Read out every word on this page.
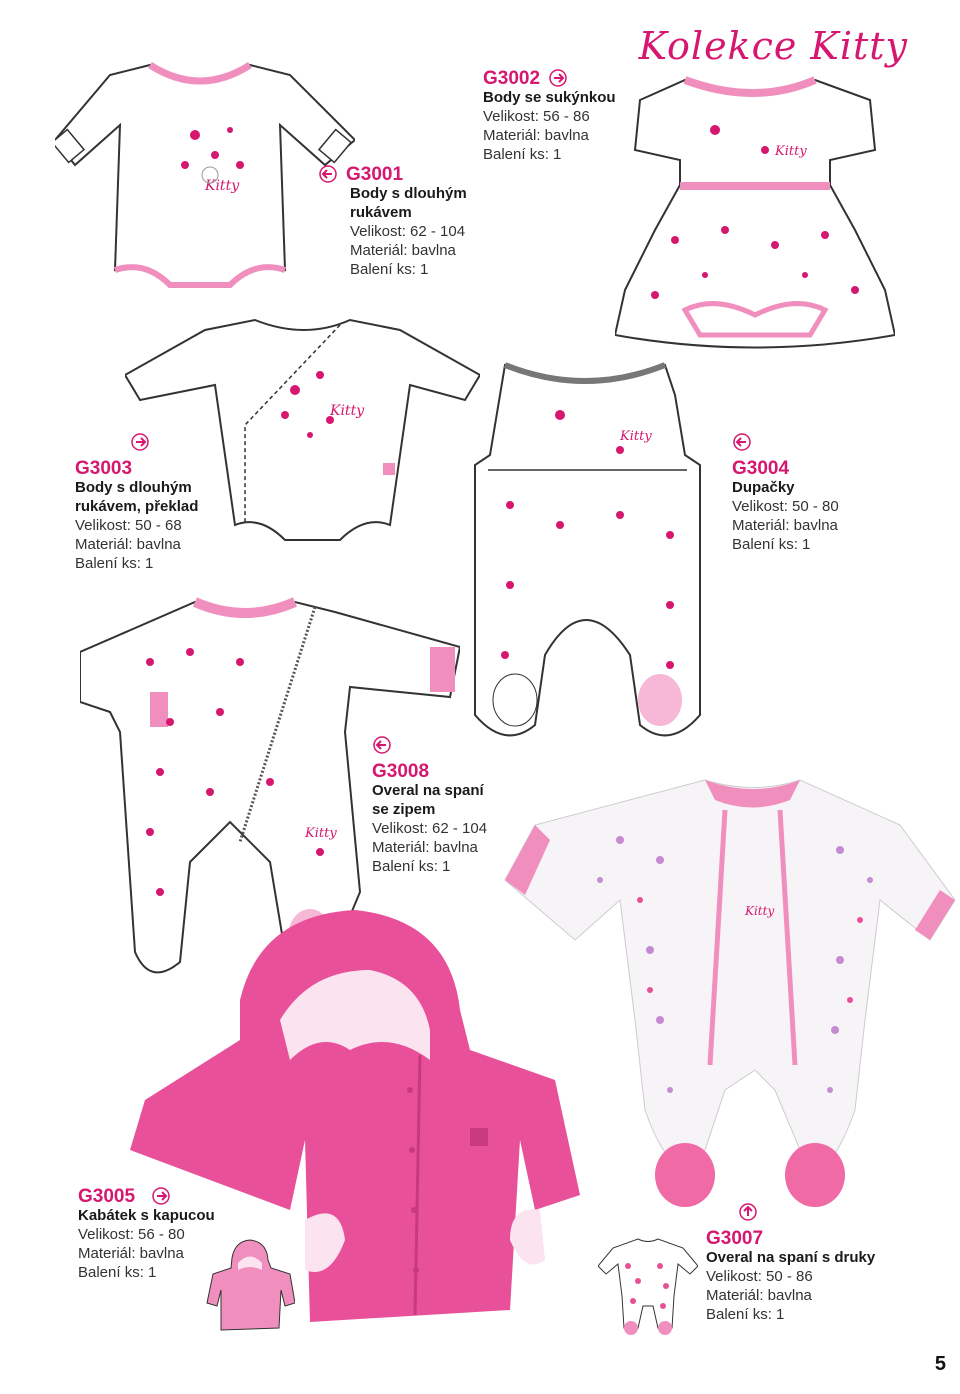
Kolekce Kitty
Kitty
Kitty
Kitty
Kitty
Kitty
Kitty
G3001
Body s dlouhým
rukávem
Velikost: 62 - 104
Materiál: bavlna
Balení ks: 1
G3002
Body se sukýnkou
Velikost: 56 - 86
Materiál: bavlna
Balení ks: 1
G3003
Body s dlouhým
rukávem, překlad
Velikost: 50 - 68
Materiál: bavlna
Balení ks: 1
G3004
Dupačky
Velikost: 50 - 80
Materiál: bavlna
Balení ks: 1
G3008
Overal na spaní
se zipem
Velikost: 62 - 104
Materiál: bavlna
Balení ks: 1
G3005
Kabátek s kapucou
Velikost: 56 - 80
Materiál: bavlna
Balení ks: 1
G3007
Overal na spaní s druky
Velikost: 50 - 86
Materiál: bavlna
Balení ks: 1
5
